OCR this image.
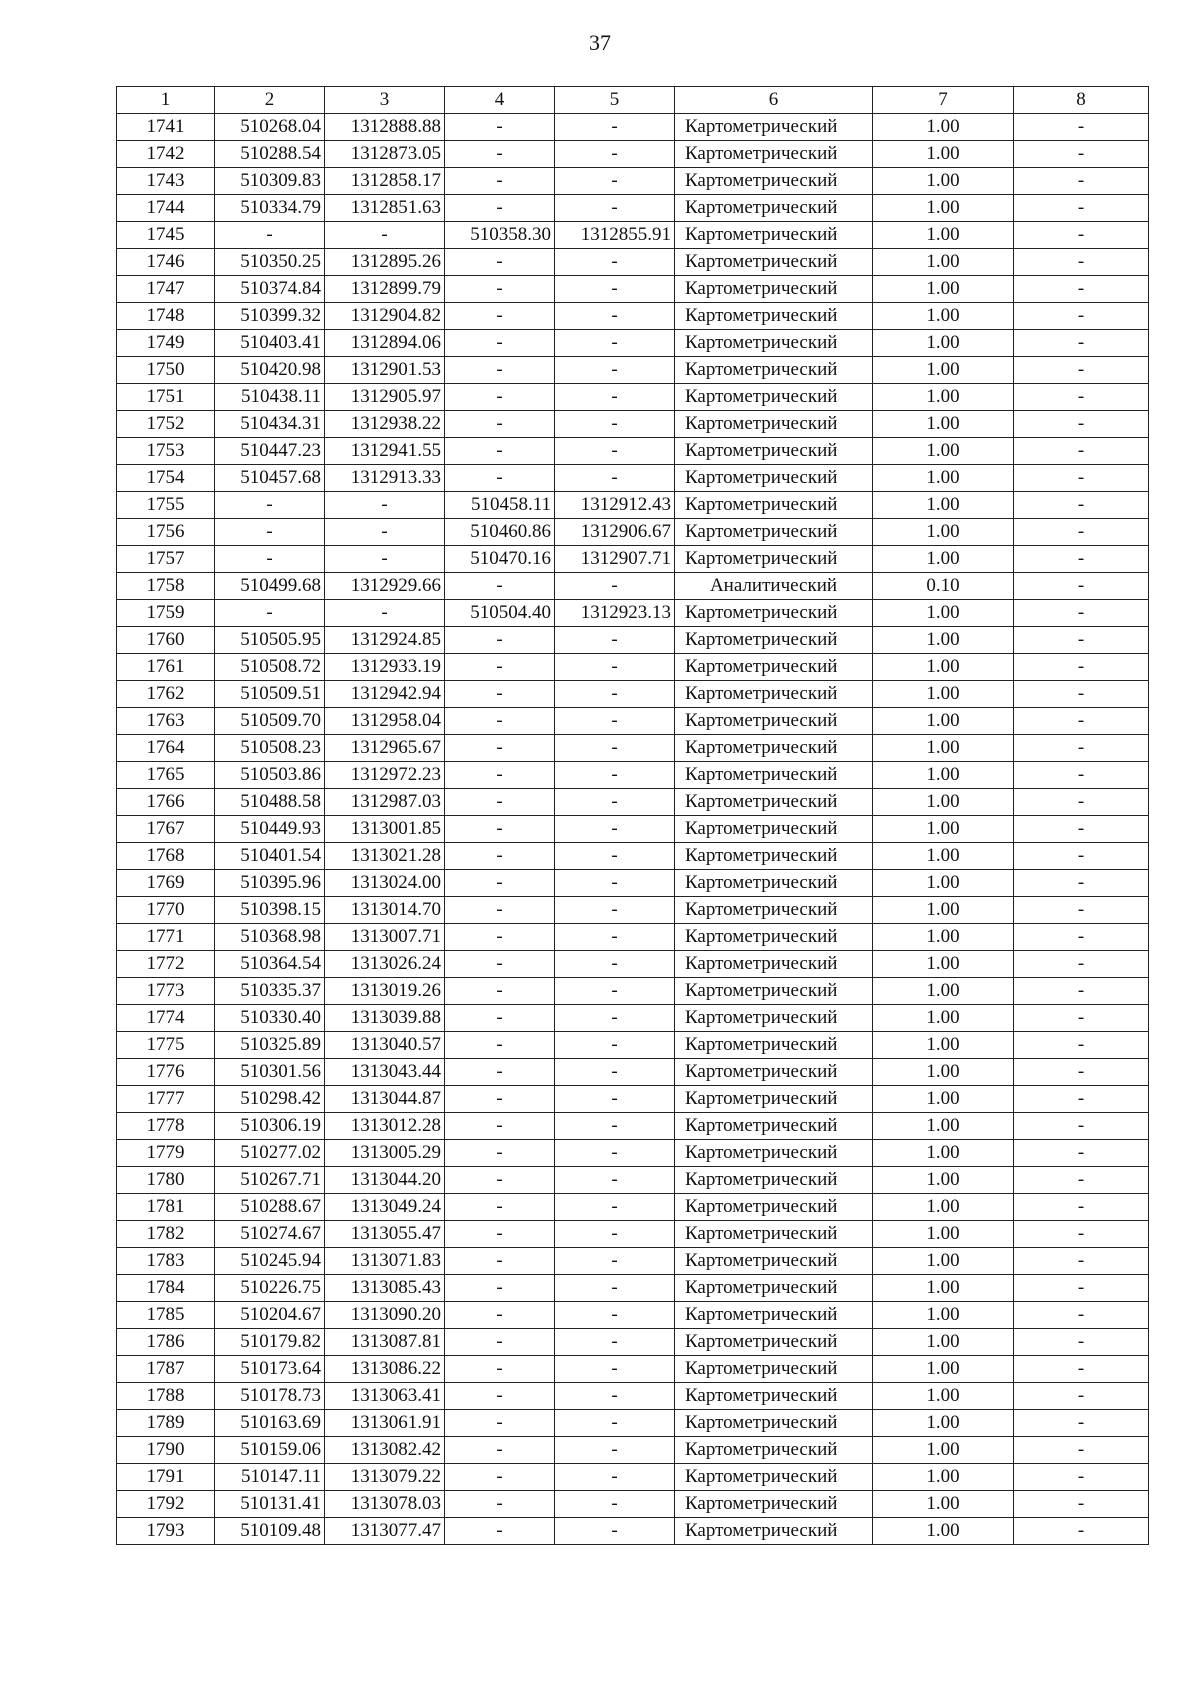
37
1	2	3	4	5	6	7	8
1741	510268.04	1312888.88	-	-	Картометрический	1.00	-
1742	510288.54	1312873.05	-	-	Картометрический	1.00	-
1743	510309.83	1312858.17	-	-	Картометрический	1.00	-
1744	510334.79	1312851.63	-	-	Картометрический	1.00	-
1745	-	-	510358.30	1312855.91	Картометрический	1.00	-
1746	510350.25	1312895.26	-	-	Картометрический	1.00	-
1747	510374.84	1312899.79	-	-	Картометрический	1.00	-
1748	510399.32	1312904.82	-	-	Картометрический	1.00	-
1749	510403.41	1312894.06	-	-	Картометрический	1.00	-
1750	510420.98	1312901.53	-	-	Картометрический	1.00	-
1751	510438.11	1312905.97	-	-	Картометрический	1.00	-
1752	510434.31	1312938.22	-	-	Картометрический	1.00	-
1753	510447.23	1312941.55	-	-	Картометрический	1.00	-
1754	510457.68	1312913.33	-	-	Картометрический	1.00	-
1755	-	-	510458.11	1312912.43	Картометрический	1.00	-
1756	-	-	510460.86	1312906.67	Картометрический	1.00	-
1757	-	-	510470.16	1312907.71	Картометрический	1.00	-
1758	510499.68	1312929.66	-	-	Аналитический	0.10	-
1759	-	-	510504.40	1312923.13	Картометрический	1.00	-
1760	510505.95	1312924.85	-	-	Картометрический	1.00	-
1761	510508.72	1312933.19	-	-	Картометрический	1.00	-
1762	510509.51	1312942.94	-	-	Картометрический	1.00	-
1763	510509.70	1312958.04	-	-	Картометрический	1.00	-
1764	510508.23	1312965.67	-	-	Картометрический	1.00	-
1765	510503.86	1312972.23	-	-	Картометрический	1.00	-
1766	510488.58	1312987.03	-	-	Картометрический	1.00	-
1767	510449.93	1313001.85	-	-	Картометрический	1.00	-
1768	510401.54	1313021.28	-	-	Картометрический	1.00	-
1769	510395.96	1313024.00	-	-	Картометрический	1.00	-
1770	510398.15	1313014.70	-	-	Картометрический	1.00	-
1771	510368.98	1313007.71	-	-	Картометрический	1.00	-
1772	510364.54	1313026.24	-	-	Картометрический	1.00	-
1773	510335.37	1313019.26	-	-	Картометрический	1.00	-
1774	510330.40	1313039.88	-	-	Картометрический	1.00	-
1775	510325.89	1313040.57	-	-	Картометрический	1.00	-
1776	510301.56	1313043.44	-	-	Картометрический	1.00	-
1777	510298.42	1313044.87	-	-	Картометрический	1.00	-
1778	510306.19	1313012.28	-	-	Картометрический	1.00	-
1779	510277.02	1313005.29	-	-	Картометрический	1.00	-
1780	510267.71	1313044.20	-	-	Картометрический	1.00	-
1781	510288.67	1313049.24	-	-	Картометрический	1.00	-
1782	510274.67	1313055.47	-	-	Картометрический	1.00	-
1783	510245.94	1313071.83	-	-	Картометрический	1.00	-
1784	510226.75	1313085.43	-	-	Картометрический	1.00	-
1785	510204.67	1313090.20	-	-	Картометрический	1.00	-
1786	510179.82	1313087.81	-	-	Картометрический	1.00	-
1787	510173.64	1313086.22	-	-	Картометрический	1.00	-
1788	510178.73	1313063.41	-	-	Картометрический	1.00	-
1789	510163.69	1313061.91	-	-	Картометрический	1.00	-
1790	510159.06	1313082.42	-	-	Картометрический	1.00	-
1791	510147.11	1313079.22	-	-	Картометрический	1.00	-
1792	510131.41	1313078.03	-	-	Картометрический	1.00	-
1793	510109.48	1313077.47	-	-	Картометрический	1.00	-
